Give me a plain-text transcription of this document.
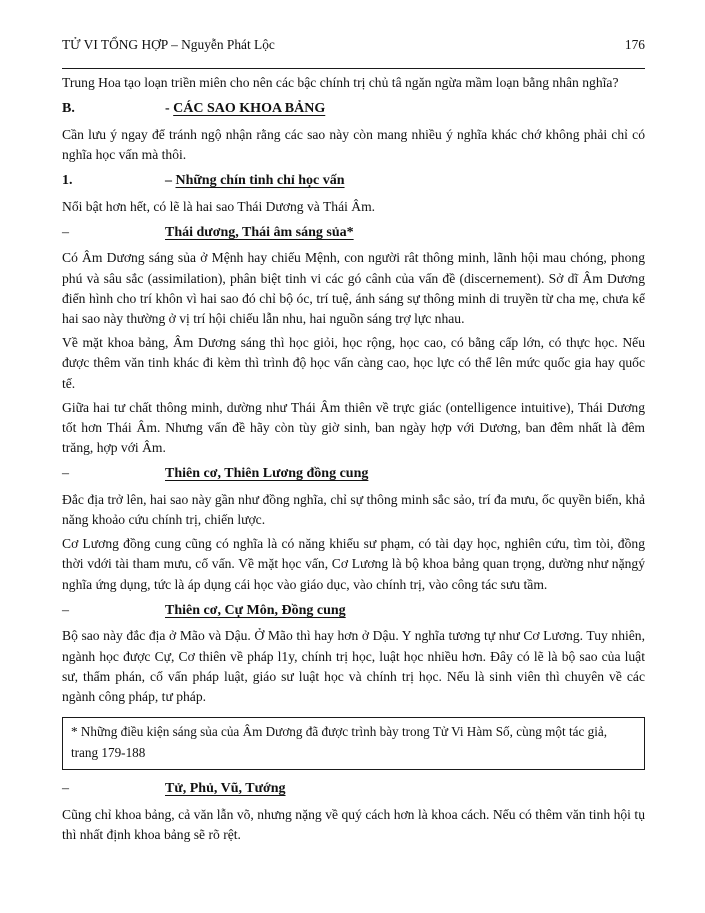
TỬ VI TỔNG HỢP – Nguyễn Phát Lộc	176

Trung Hoa tạo loạn triền miên cho nên các bậc chính trị chủ tâ ngăn ngừa mầm loạn bằng nhân nghĩa?

B.	- CÁC SAO KHOA BẢNG

Cần lưu ý ngay để tránh ngộ nhận rằng các sao này còn mang nhiều ý nghĩa khác chớ không phải chỉ có nghĩa học vấn mà thôi.

1.	– Những chín tinh chỉ học vấn

Nổi bật hơn hết, có lẽ là hai sao Thái Dương và Thái Âm.

–	Thái dương, Thái âm sáng sủa*

Có Âm Dương sáng sủa ở Mệnh hay chiếu Mệnh, con người rât thông minh, lãnh hội mau chóng, phong phú và sâu sắc (assimilation), phân biệt tinh vi các gó cânh của vấn đề (discernement). Sở dĩ Âm Dương điển hình cho trí khôn vì hai sao đó chỉ bộ óc, trí tuệ, ánh sáng sự thông minh di truyền từ cha mẹ, chưa kể hai sao này thường ở vị trí hội chiếu lẫn nhu, hai nguồn sáng trợ lực nhau.

Về mặt khoa bảng, Âm Dương sáng thì học giỏi, học rộng, học cao, có bằng cấp lớn, có thực học. Nếu được thêm văn tinh khác đi kèm thì trình độ học vấn càng cao, học lực có thể lên mức quốc gia hay quốc tế.

Giữa hai tư chất thông minh, dường như Thái Âm thiên về trực giác (ontelligence intuitive), Thái Dương tốt hơn Thái Âm. Nhưng vấn đề hãy còn tùy giờ sinh, ban ngày hợp với Dương, ban đêm nhất là đêm trăng, hợp với Âm.

–	Thiên cơ, Thiên Lương đồng cung

Đắc địa trở lên, hai sao này gần như đồng nghĩa, chỉ sự thông minh sắc sảo, trí đa mưu, ốc quyền biến, khả năng khoảo cứu chính trị, chiến lược.

Cơ Lương đồng cung cũng có nghĩa là có năng khiếu sư phạm, có tài dạy học, nghiên cứu, tìm tòi, đồng thời vdới tài tham mưu, cố vấn. Về mặt học vấn, Cơ Lương là bộ khoa bảng quan trọng, dường như nặngý nghĩa ứng dụng, tức là áp dụng cái học vào giáo dục, vào chính trị, vào công tác sưu tầm.

–	Thiên cơ, Cự Môn, Đồng cung

Bộ sao này đắc địa ở Mão và Dậu. Ở Mão thì hay hơn ở Dậu. Y nghĩa tương tự như Cơ Lương. Tuy nhiên, ngành học được Cự, Cơ thiên về pháp l1y, chính trị học, luật học nhiều hơn. Đây có lẽ là bộ sao của luật sư, thẩm phán, cố vấn pháp luật, giáo sư luật học và chính trị học. Nếu là sinh viên thì chuyên về các ngành công pháp, tư pháp.

* Những điều kiện sáng sủa của Âm Dương đã được trình bày trong Tử Vi Hàm Số, cùng một tác giả, trang 179-188

–	Tử, Phủ, Vũ, Tướng

Cũng chỉ khoa bảng, cả văn lẫn võ, nhưng nặng về quý cách hơn là khoa cách. Nếu có thêm văn tinh hội tụ thì nhất định khoa bảng sẽ rõ rệt.
